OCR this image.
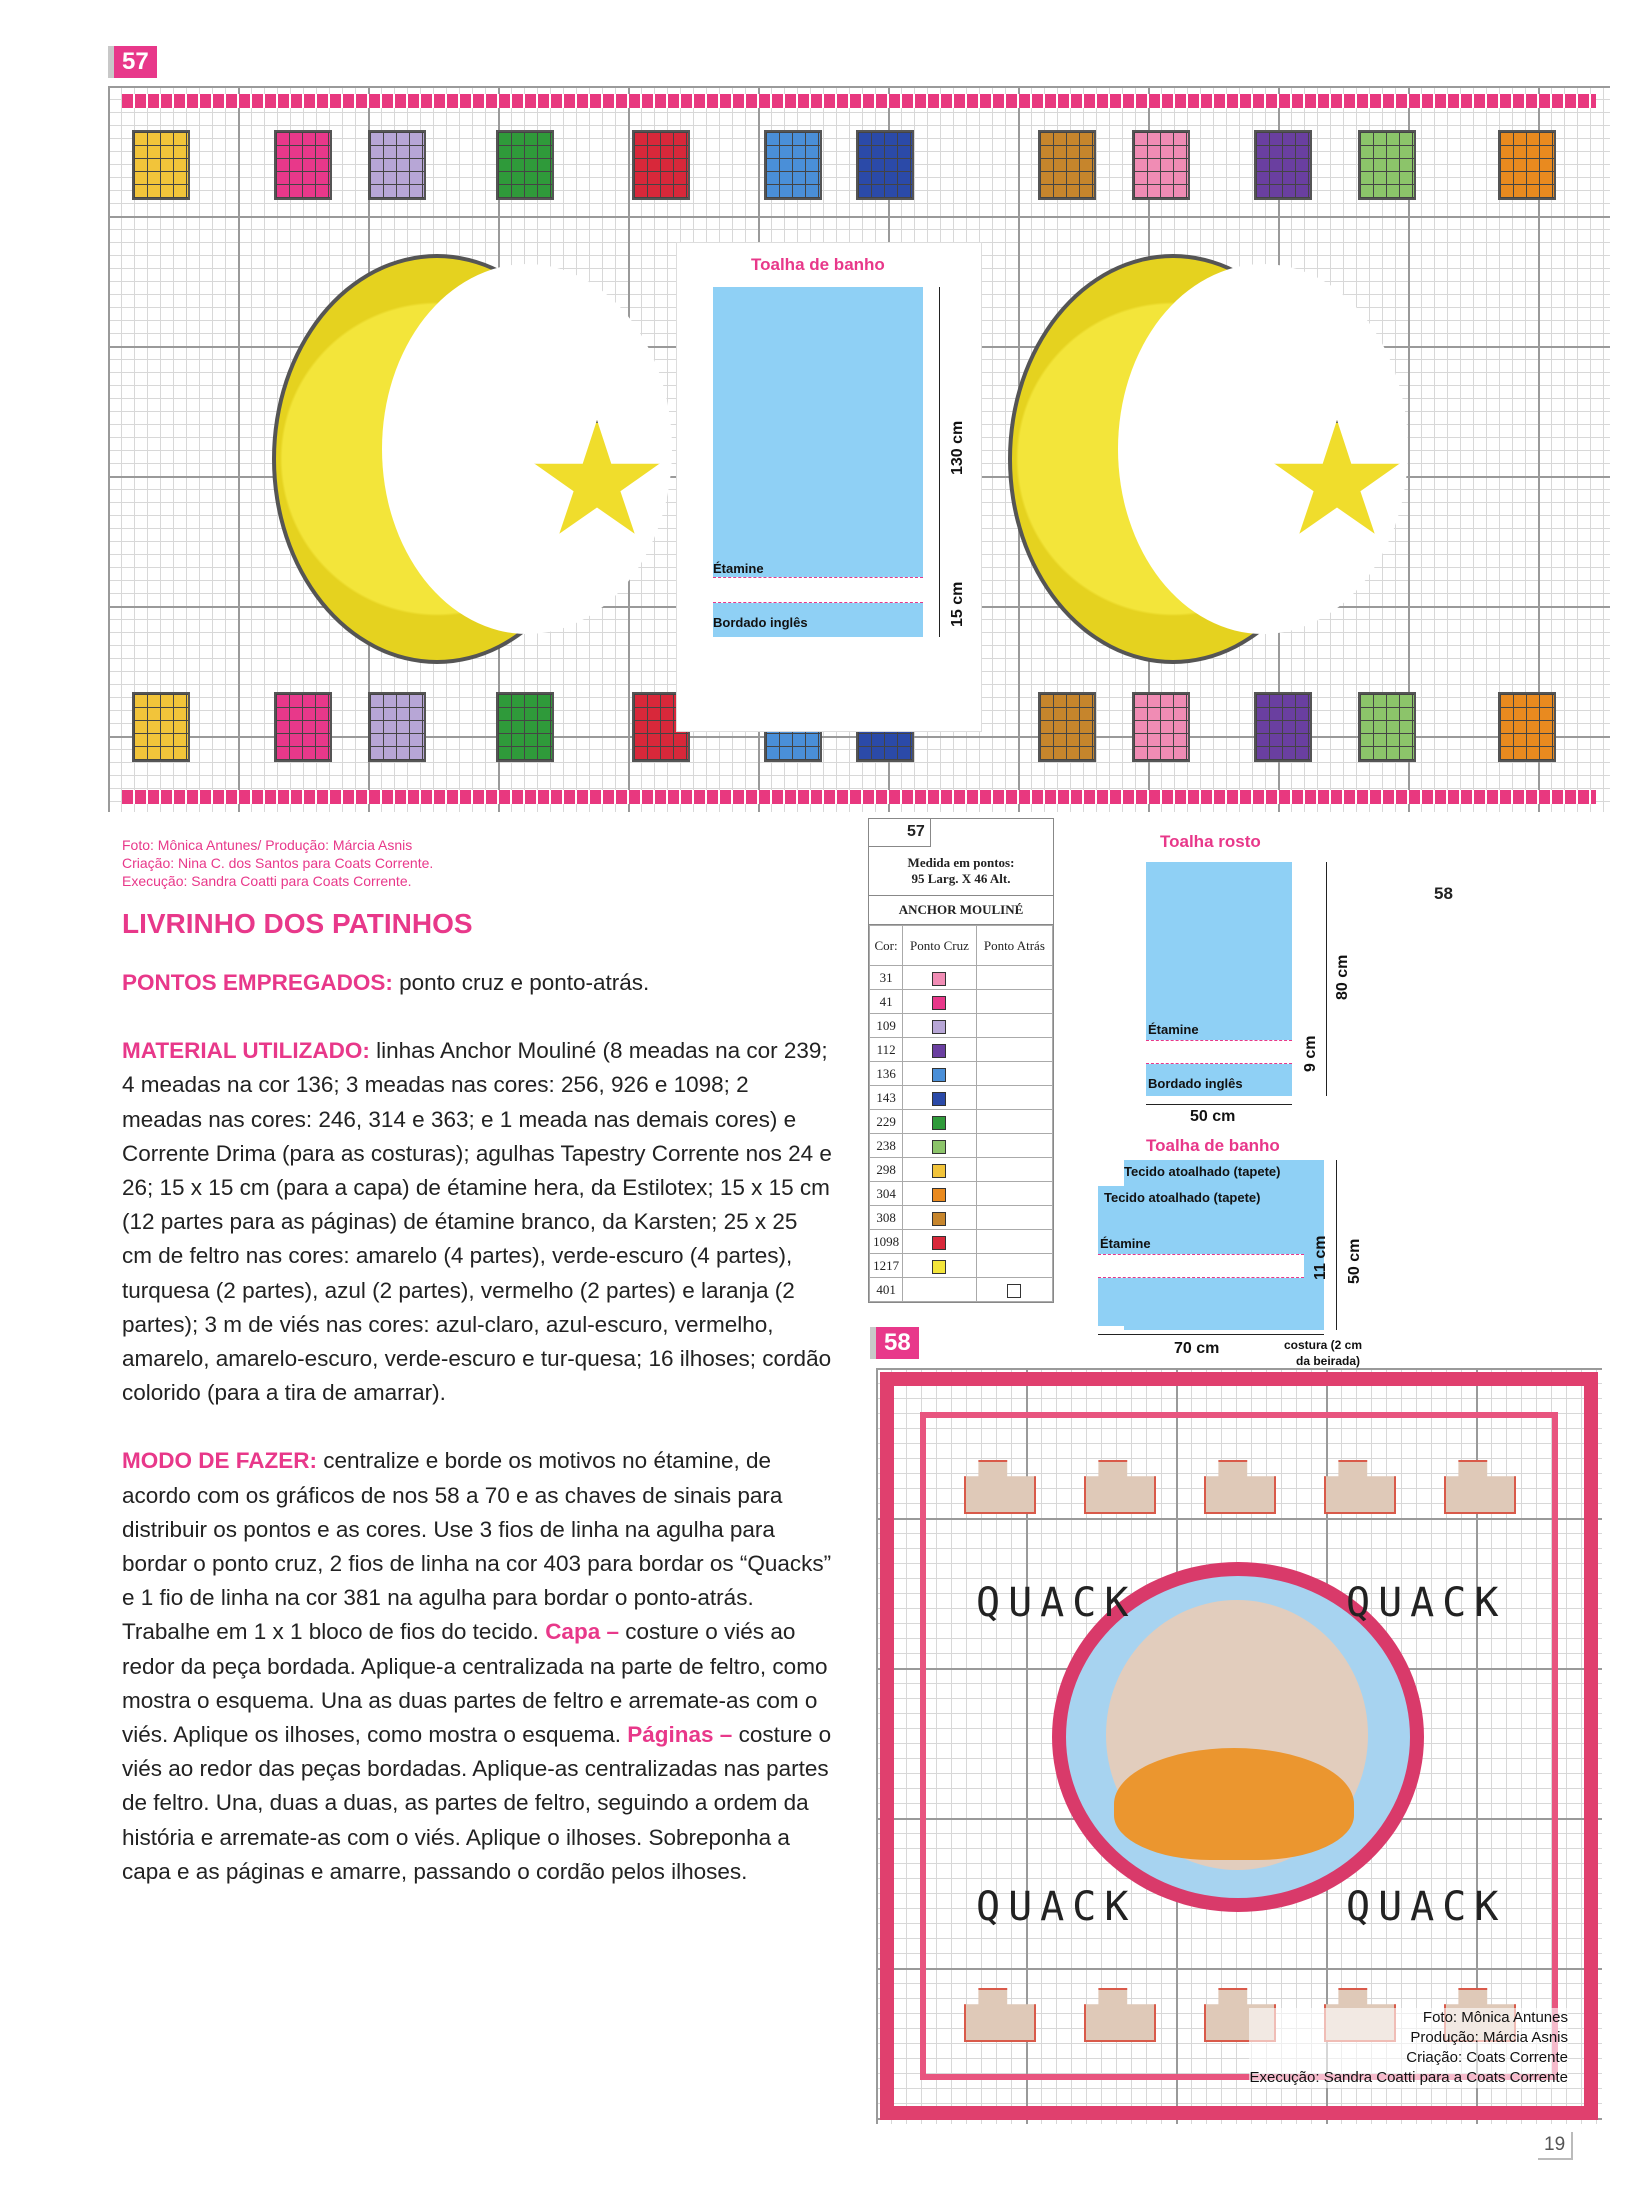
57
Toalha de banho
Étamine
Bordado inglês
130 cm
15 cm
Foto: Mônica Antunes/ Produção: Márcia Asnis
Criação: Nina C. dos Santos para Coats Corrente.
Execução: Sandra Coatti para Coats Corrente.
LIVRINHO DOS PATINHOS

PONTOS EMPREGADOS: ponto cruz e ponto-atrás.

MATERIAL UTILIZADO: linhas Anchor Mouliné (8 meadas na cor 239; 4 meadas na cor 136; 3 meadas nas cores: 256, 926 e 1098; 2 meadas nas cores: 246, 314 e 363; e 1 meada nas demais cores) e Corrente Drima (para as costuras); agulhas Tapestry Corrente nos 24 e 26; 15 x 15 cm (para a capa) de étamine hera, da Estilotex; 15 x 15 cm (12 partes para as páginas) de étamine branco, da Karsten; 25 x 25 cm de feltro nas cores: amarelo (4 partes), verde-escuro (4 partes), turquesa (2 partes), azul (2 partes), vermelho (2 partes) e laranja (2 partes); 3 m de viés nas cores: azul-claro, azul-escuro, vermelho, amarelo, amarelo-escuro, verde-escuro e tur-quesa; 16 ilhoses; cordão colorido (para a tira de amarrar).

MODO DE FAZER: centralize e borde os motivos no étamine, de acordo com os gráficos de nos 58 a 70 e as chaves de sinais para distribuir os pontos e as cores. Use 3 fios de linha na agulha para bordar o ponto cruz, 2 fios de linha na cor 403 para bordar os “Quacks” e 1 fio de linha na cor 381 na agulha para bordar o ponto-atrás. Trabalhe em 1 x 1 bloco de fios do tecido. Capa – costure o viés ao redor da peça bordada. Aplique-a centralizada na parte de feltro, como mostra o esquema. Una as duas partes de feltro e arremate-as com o viés. Aplique os ilhoses, como mostra o esquema. Páginas – costure o viés ao redor das peças bordadas. Aplique-as centralizadas nas partes de feltro. Una, duas a duas, as partes de feltro, seguindo a ordem da história e arremate-as com o viés. Aplique o ilhoses. Sobreponha a capa e as páginas e amarre, passando o cordão pelos ilhoses.

57
Medida em pontos:
95 Larg. X 46 Alt.
ANCHOR MOULINÉ
Cor:	Ponto Cruz	Ponto Atrás
31		
41		
109		
112		
136		
143		
229		
238		
298		
304		
308		
1098		
1217		
401		
58
Toalha rosto
Étamine
Bordado inglês
80 cm
9 cm
50 cm
Toalha de banho
Tecido atoalhado (tapete)
Tecido atoalhado (tapete)
Étamine	11 cm 50 cm
70 cm	costura (2 cm
da beirada)
58
QUACK	QUACK
QUACK	QUACK
Foto: Mônica Antunes
Produção: Márcia Asnis
Criação: Coats Corrente
Execução: Sandra Coatti para a Coats Corrente
19
